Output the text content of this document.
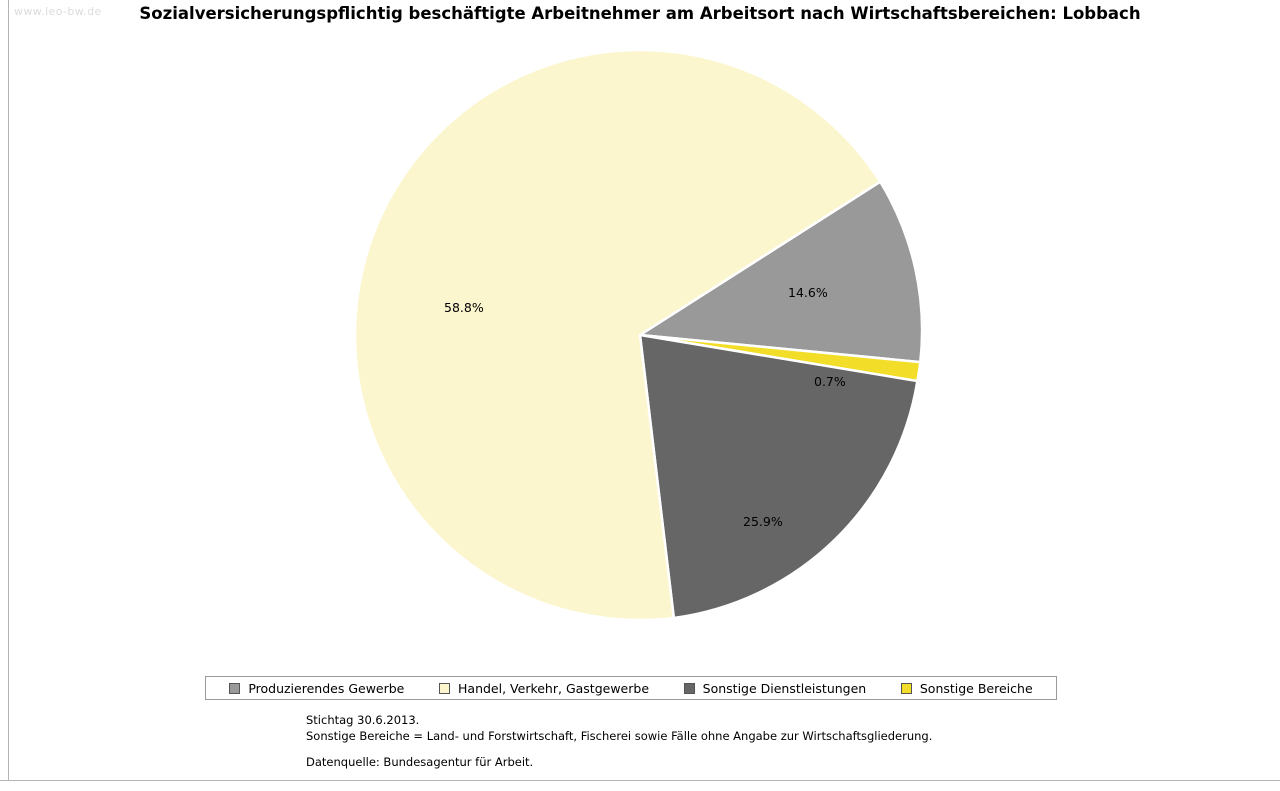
www.leo-bw.de	Sozialversicherungspflichtig beschäftigte Arbeitnehmer am Arbeitsort nach Wirtschaftsbereichen: Lobbach
58.8%
14.6%
0.7%
25.9%
Produzierendes Gewerbe	Handel, Verkehr, Gastgewerbe	Sonstige Dienstleistungen	Sonstige Bereiche
Stichtag 30.6.2013.
Sonstige Bereiche = Land- und Forstwirtschaft, Fischerei sowie Fälle ohne Angabe zur Wirtschaftsgliederung.
Datenquelle: Bundesagentur für Arbeit.
